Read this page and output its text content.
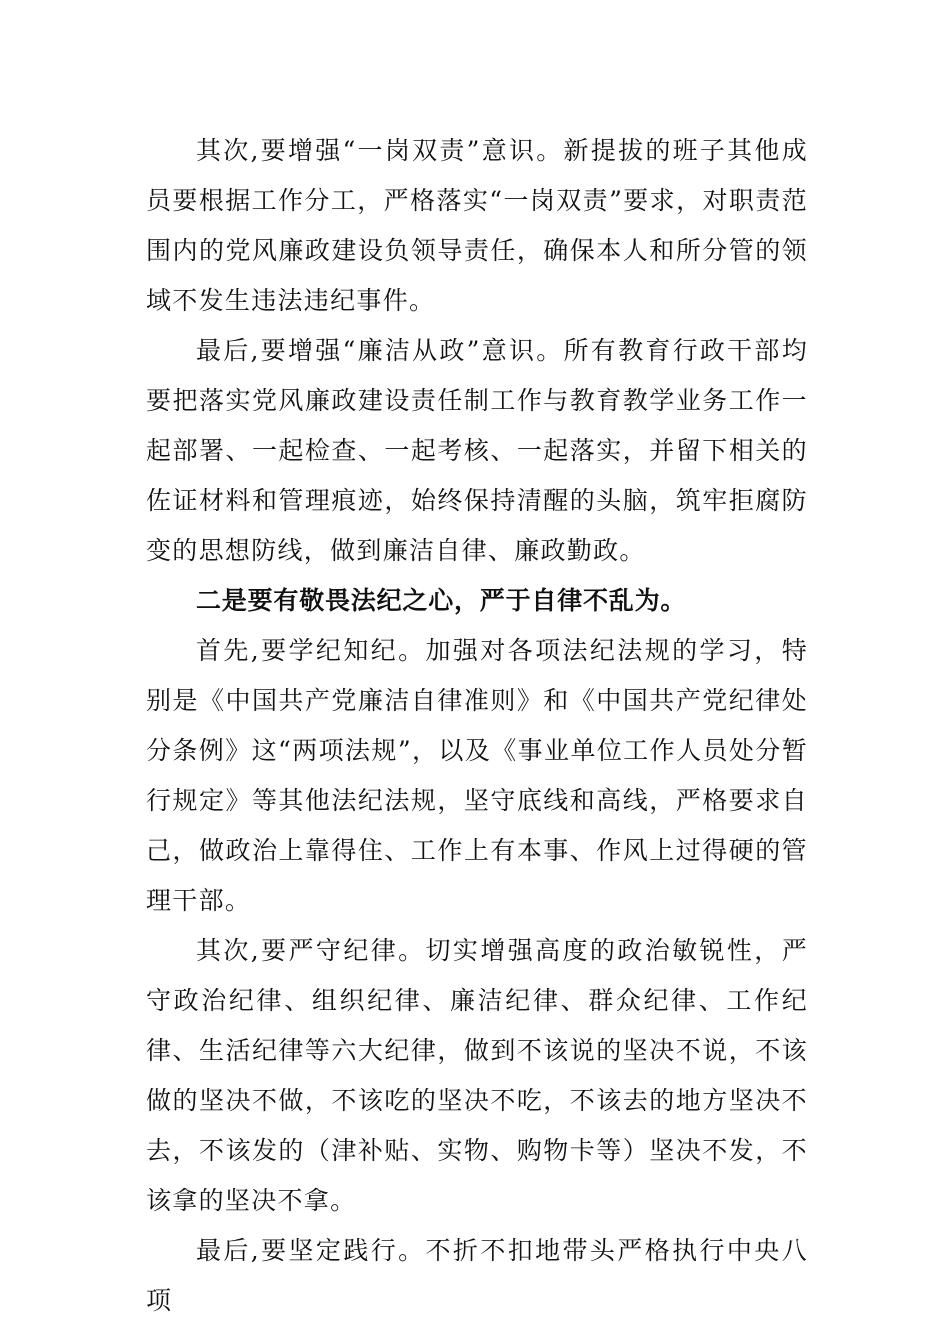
其次,要增强“一岗双责”意识。新提拔的班子其他成员要根据工作分工，严格落实“一岗双责”要求，对职责范围内的党风廉政建设负领导责任，确保本人和所分管的领域不发生违法违纪事件。

最后,要增强“廉洁从政”意识。所有教育行政干部均要把落实党风廉政建设责任制工作与教育教学业务工作一起部署、一起检查、一起考核、一起落实，并留下相关的佐证材料和管理痕迹，始终保持清醒的头脑，筑牢拒腐防变的思想防线，做到廉洁自律、廉政勤政。

二是要有敬畏法纪之心，严于自律不乱为。

首先,要学纪知纪。加强对各项法纪法规的学习，特别是《中国共产党廉洁自律准则》和《中国共产党纪律处分条例》这“两项法规”，以及《事业单位工作人员处分暂行规定》等其他法纪法规，坚守底线和高线，严格要求自己，做政治上靠得住、工作上有本事、作风上过得硬的管理干部。

其次,要严守纪律。切实增强高度的政治敏锐性，严守政治纪律、组织纪律、廉洁纪律、群众纪律、工作纪律、生活纪律等六大纪律，做到不该说的坚决不说，不该做的坚决不做，不该吃的坚决不吃，不该去的地方坚决不去，不该发的（津补贴、实物、购物卡等）坚决不发，不该拿的坚决不拿。

最后,要坚定践行。不折不扣地带头严格执行中央八项
